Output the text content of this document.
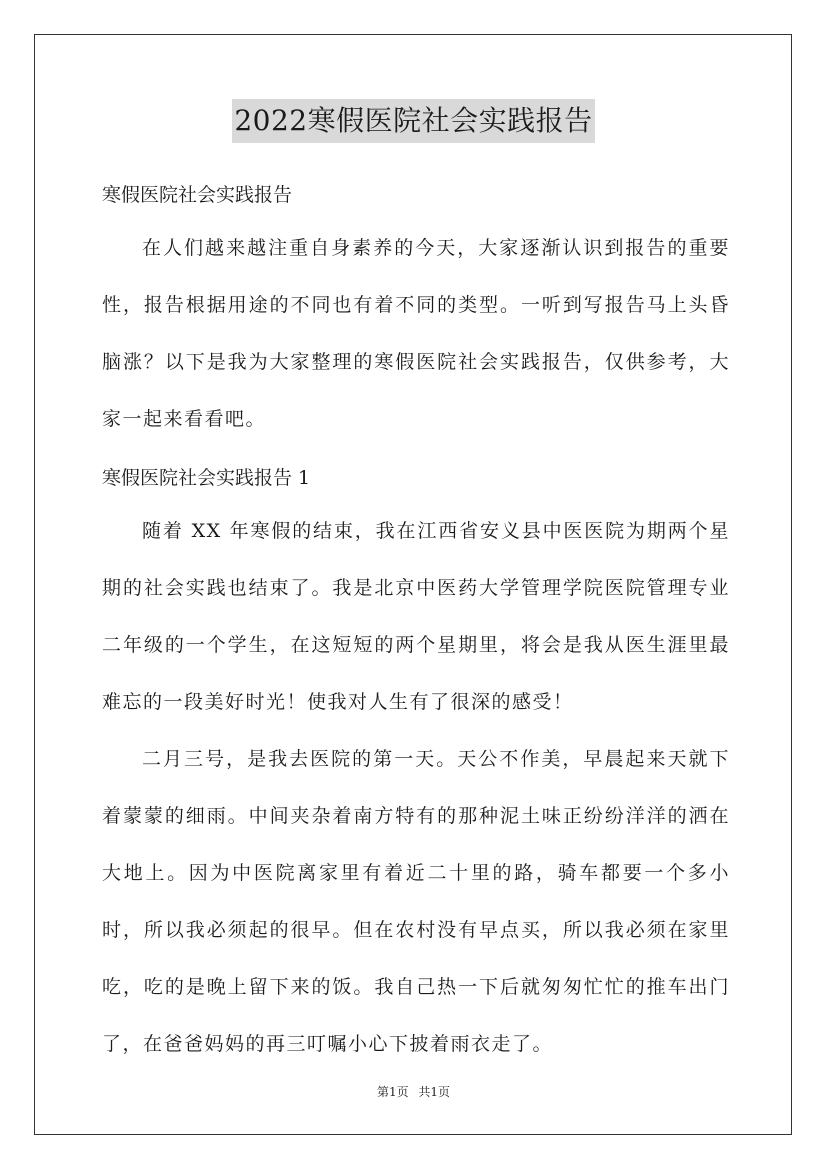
2022寒假医院社会实践报告

寒假医院社会实践报告

在人们越来越注重自身素养的今天，大家逐渐认识到报告的重要性，报告根据用途的不同也有着不同的类型。一听到写报告马上头昏脑涨？以下是我为大家整理的寒假医院社会实践报告，仅供参考，大家一起来看看吧。

寒假医院社会实践报告 1

随着 XX 年寒假的结束，我在江西省安义县中医医院为期两个星期的社会实践也结束了。我是北京中医药大学管理学院医院管理专业二年级的一个学生，在这短短的两个星期里，将会是我从医生涯里最难忘的一段美好时光！使我对人生有了很深的感受！

二月三号，是我去医院的第一天。天公不作美，早晨起来天就下着蒙蒙的细雨。中间夹杂着南方特有的那种泥土味正纷纷洋洋的洒在大地上。因为中医院离家里有着近二十里的路，骑车都要一个多小时，所以我必须起的很早。但在农村没有早点买，所以我必须在家里吃，吃的是晚上留下来的饭。我自己热一下后就匆匆忙忙的推车出门了，在爸爸妈妈的再三叮嘱小心下披着雨衣走了。

第1页 共1页
